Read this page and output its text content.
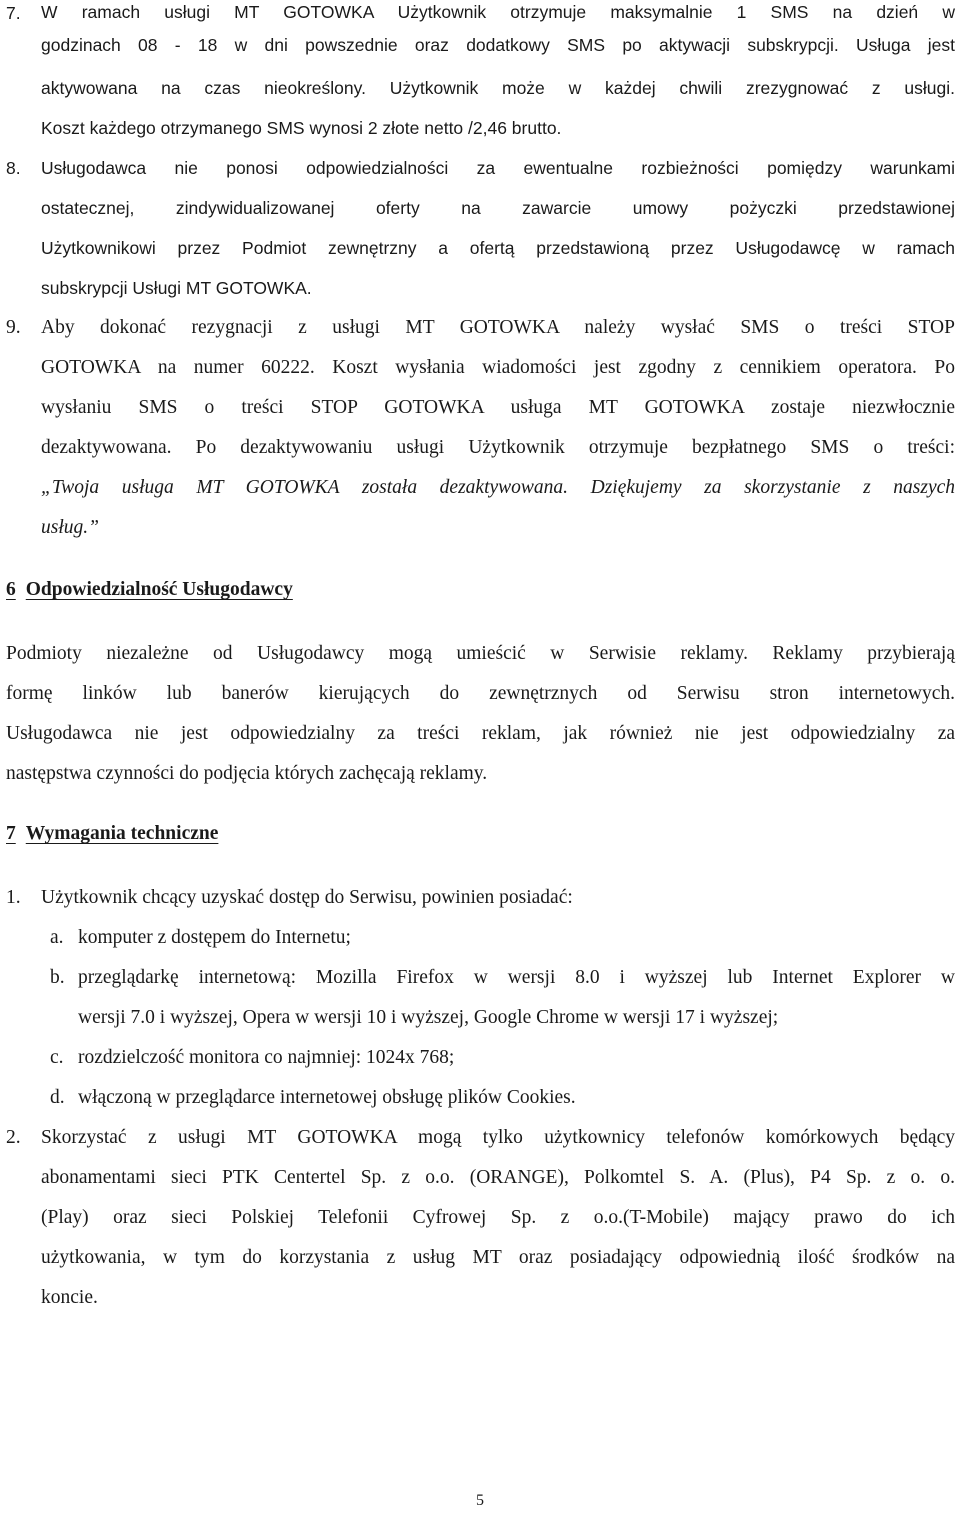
7.	W ramach usługi MT GOTOWKA Użytkownik otrzymuje maksymalnie 1 SMS na dzień w
godzinach 08 - 18 w dni powszednie oraz dodatkowy SMS po aktywacji subskrypcji. Usługa jest
aktywowana na czas nieokreślony. Użytkownik może w każdej chwili zrezygnować z usługi.
Koszt każdego otrzymanego SMS wynosi 2 złote netto /2,46 brutto.
8.	Usługodawca nie ponosi odpowiedzialności za ewentualne rozbieżności pomiędzy warunkami
ostatecznej, zindywidualizowanej oferty na zawarcie umowy pożyczki przedstawionej
Użytkownikowi przez Podmiot zewnętrzny a ofertą przedstawioną przez Usługodawcę w ramach
subskrypcji Usługi MT GOTOWKA.
9.	Aby dokonać rezygnacji z usługi MT GOTOWKA należy wysłać SMS o treści STOP
GOTOWKA na numer 60222. Koszt wysłania wiadomości jest zgodny z cennikiem operatora. Po
wysłaniu SMS o treści STOP GOTOWKA usługa MT GOTOWKA zostaje niezwłocznie
dezaktywowana. Po dezaktywowaniu usługi Użytkownik otrzymuje bezpłatnego SMS o treści:
„Twoja usługa MT GOTOWKA została dezaktywowana. Dziękujemy za skorzystanie z naszych
usług.”
6 Odpowiedzialność Usługodawcy
Podmioty niezależne od Usługodawcy mogą umieścić w Serwisie reklamy. Reklamy przybierają
formę linków lub banerów kierujących do zewnętrznych od Serwisu stron internetowych.
Usługodawca nie jest odpowiedzialny za treści reklam, jak również nie jest odpowiedzialny za
następstwa czynności do podjęcia których zachęcają reklamy.
7 Wymagania techniczne
1.	Użytkownik chcący uzyskać dostęp do Serwisu, powinien posiadać:
a. komputer z dostępem do Internetu;
b. przeglądarkę internetową: Mozilla Firefox w wersji 8.0 i wyższej lub Internet Explorer w
wersji 7.0 i wyższej, Opera w wersji 10 i wyższej, Google Chrome w wersji 17 i wyższej;
c. rozdzielczość monitora co najmniej: 1024x 768;
d. włączoną w przeglądarce internetowej obsługę plików Cookies.
2.	Skorzystać z usługi MT GOTOWKA mogą tylko użytkownicy telefonów komórkowych będący
abonamentami sieci PTK Centertel Sp. z o.o. (ORANGE), Polkomtel S. A. (Plus), P4 Sp. z o. o.
(Play) oraz sieci Polskiej Telefonii Cyfrowej Sp. z o.o.(T-Mobile) mający prawo do ich
użytkowania, w tym do korzystania z usług MT oraz posiadający odpowiednią ilość środków na
koncie.
5
